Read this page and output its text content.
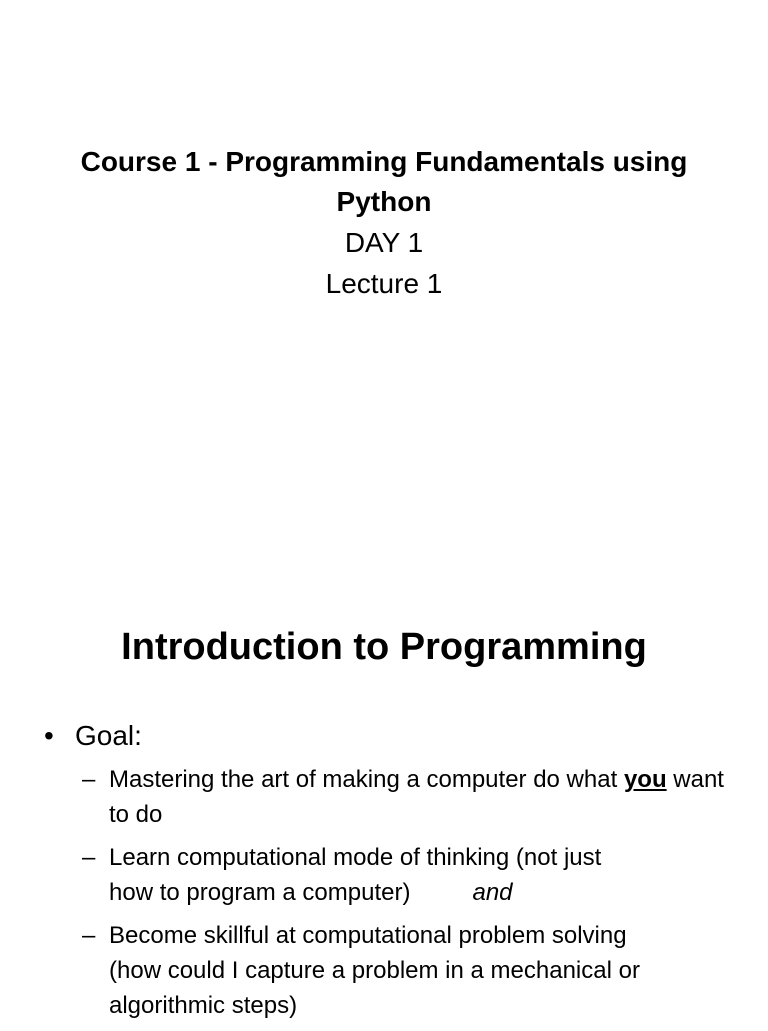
Course 1 - Programming Fundamentals using Python
DAY 1
Lecture 1
Introduction to Programming
• Goal:
– Mastering the art of making a computer do what you want to do
– Learn computational mode of thinking (not just
how to program a computer)	and
– Become skillful at computational problem solving
(how could I capture a problem in a mechanical or
algorithmic steps)
